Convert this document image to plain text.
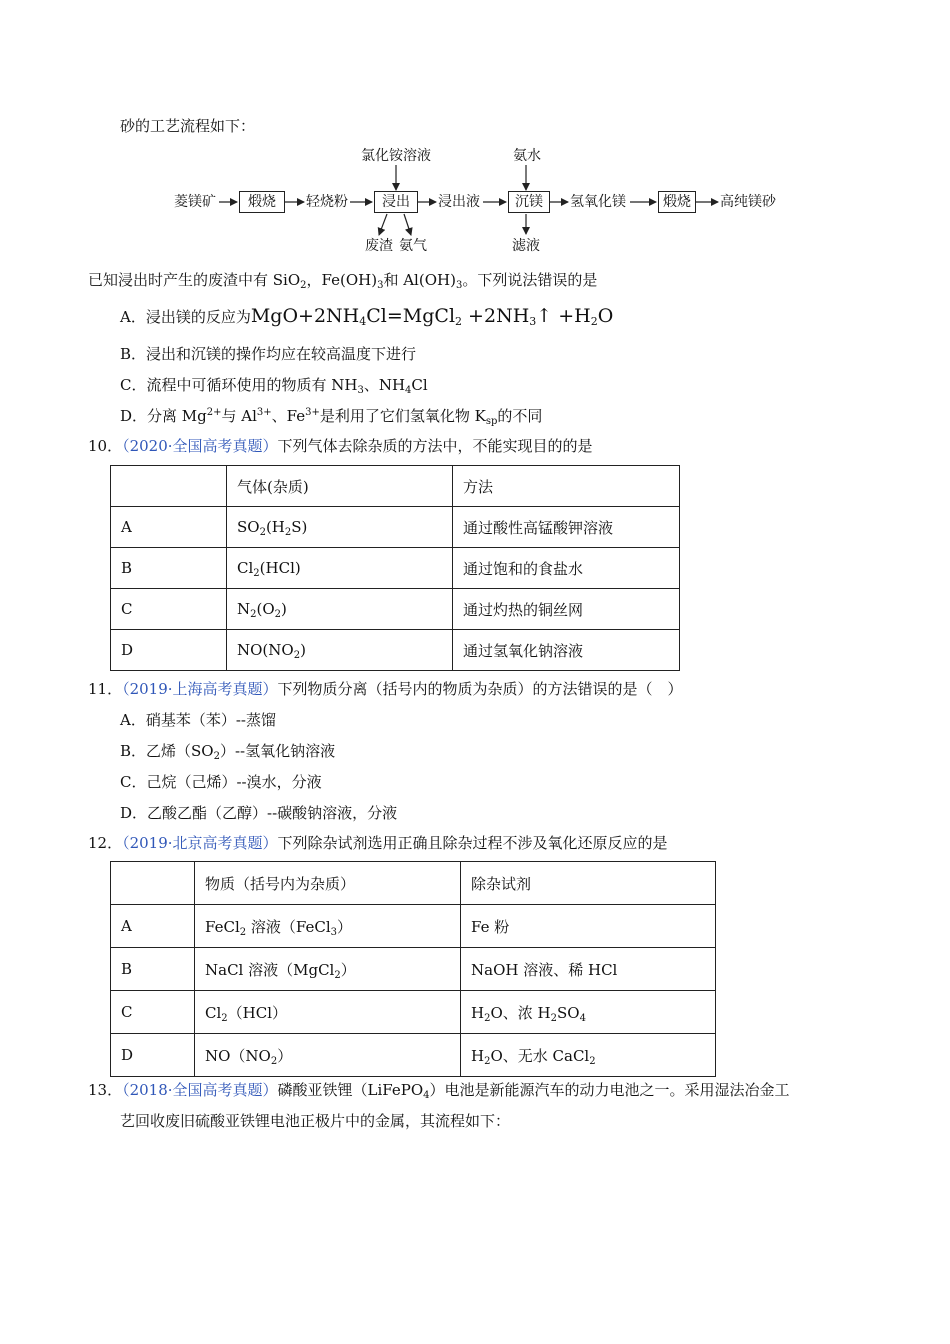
砂的工艺流程如下：
菱镁矿	煅烧	轻烧粉
氯化铵溶液
浸出
废渣 氨气
浸出液
氨水
沉镁
滤液
氢氧化镁	煅烧	高纯镁砂
已知浸出时产生的废渣中有 SiO$_2$，$Fe(OH)_3$和 $Al(OH)_3$。下列说法错误的是
A．浸出镁的反应为$MgO+2NH_4Cl=MgCl_2$ $+2NH_3↑ +H_2O$
B．浸出和沉镁的操作均应在较高温度下进行
C．流程中可循环使用的物质有 $NH_3$、$NH_4Cl$
D．分离 $Mg^{2+}$与 $Al^{3+}$、$Fe^{3+}$是利用了它们氢氧化物 $K_{sp}$的不同
10．（2020·全国高考真题）下列气体去除杂质的方法中，不能实现目的的是
	气体(杂质)	方法
A	$SO_2(H_2S)$	通过酸性高锰酸钾溶液
B	$Cl_2(HCl)$	通过饱和的食盐水
C	$N_2(O_2)$	通过灼热的铜丝网
D	$NO(NO_2)$	通过氢氧化钠溶液
11．（2019·上海高考真题）下列物质分离（括号内的物质为杂质）的方法错误的是（　）
A．硝基苯（苯）--蒸馏
B．乙烯$(SO_2)--$氢氧化钠溶液
C．己烷（己烯）--溴水，分液
D．乙酸乙酯（乙醇）--碳酸钠溶液，分液
12．（2019·北京高考真题）下列除杂试剂选用正确且除杂过程不涉及氧化还原反应的是
	物质（括号内为杂质）	除杂试剂
A	FeCl$_2$ 溶液（FeCl$_3$）	Fe 粉
B	NaCl 溶液（MgCl$_2$）	NaOH 溶液、稀 HCl
C	$Cl_2(HCl)$	$H_2O$、浓 $H_2SO_4$
D	$NO(NO_2)$	$H_2O$、无水 CaCl$_2$
13．（2018·全国高考真题）磷酸亚铁锂（LiFePO$_4$）电池是新能源汽车的动力电池之一。采用湿法冶金工
艺回收废旧硫酸亚铁锂电池正极片中的金属，其流程如下：
